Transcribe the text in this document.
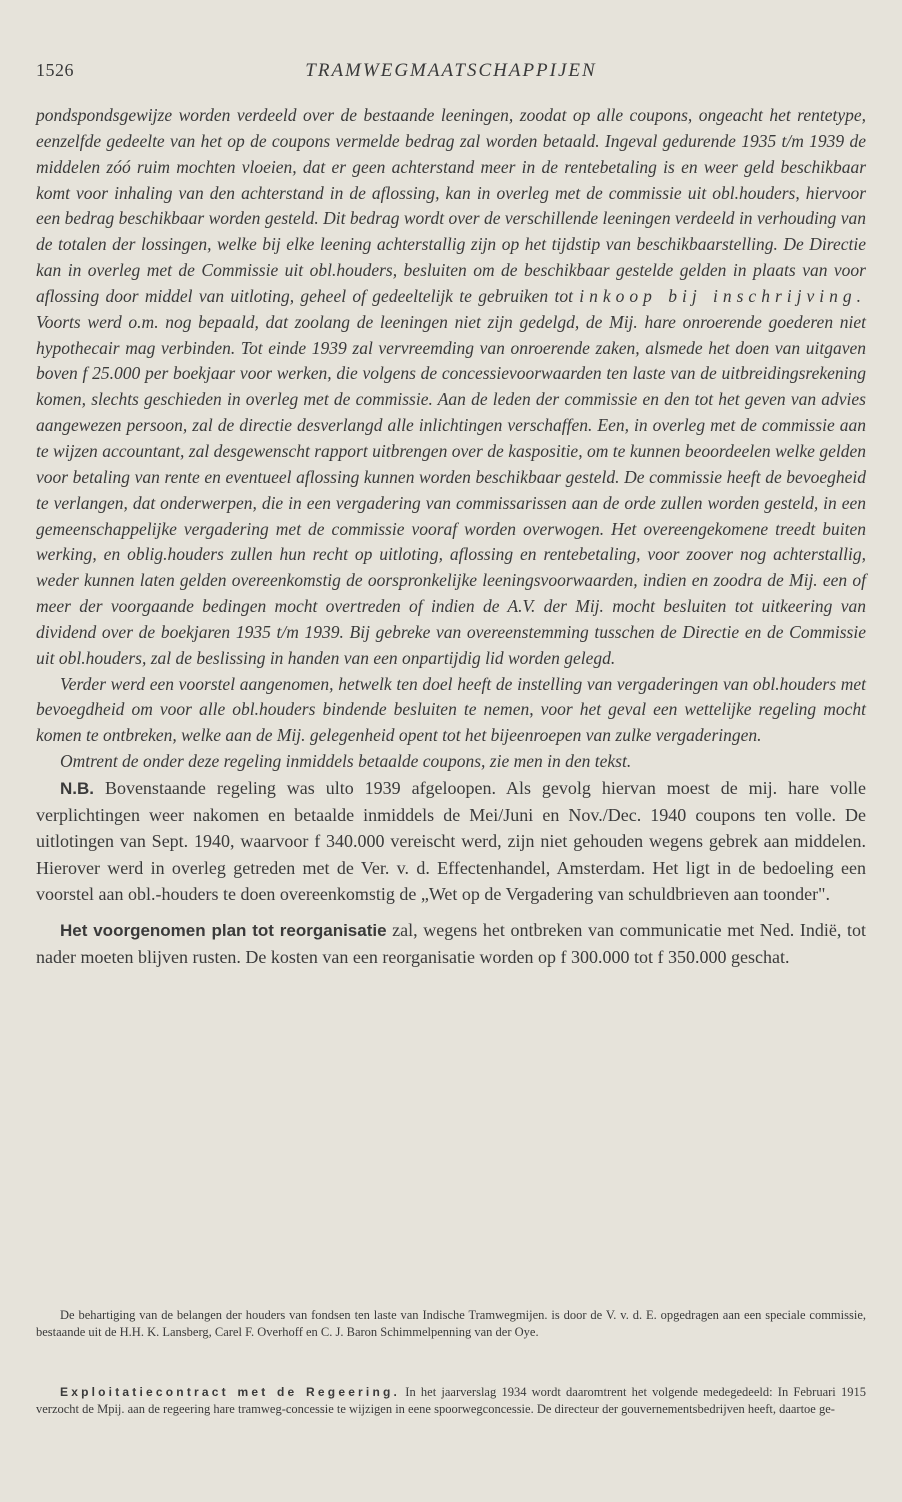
1526	TRAMWEGMAATSCHAPPIJEN

pondspondsgewijze worden verdeeld over de bestaande leeningen, zoodat op alle coupons, ongeacht het rentetype, eenzelfde gedeelte van het op de coupons vermelde bedrag zal worden betaald. Ingeval gedurende 1935 t/m 1939 de middelen zóó ruim mochten vloeien, dat er geen achterstand meer in de rentebetaling is en weer geld beschikbaar komt voor inhaling van den achterstand in de aflossing, kan in overleg met de commissie uit obl.houders, hiervoor een bedrag beschikbaar worden gesteld. Dit bedrag wordt over de verschillende leeningen verdeeld in verhouding van de totalen der lossingen, welke bij elke leening achterstallig zijn op het tijdstip van beschikbaarstelling. De Directie kan in overleg met de Commissie uit obl.houders, besluiten om de beschikbaar gestelde gelden in plaats van voor aflossing door middel van uitloting, geheel of gedeeltelijk te gebruiken tot inkoop bij inschrijving. Voorts werd o.m. nog bepaald, dat zoolang de leeningen niet zijn gedelgd, de Mij. hare onroerende goederen niet hypothecair mag verbinden. Tot einde 1939 zal vervreemding van onroerende zaken, alsmede het doen van uitgaven boven f 25.000 per boekjaar voor werken, die volgens de concessievoorwaarden ten laste van de uitbreidingsrekening komen, slechts geschieden in overleg met de commissie. Aan de leden der commissie en den tot het geven van advies aangewezen persoon, zal de directie desverlangd alle inlichtingen verschaffen. Een, in overleg met de commissie aan te wijzen accountant, zal desgewenscht rapport uitbrengen over de kaspositie, om te kunnen beoordeelen welke gelden voor betaling van rente en eventueel aflossing kunnen worden beschikbaar gesteld. De commissie heeft de bevoegheid te verlangen, dat onderwerpen, die in een vergadering van commissarissen aan de orde zullen worden gesteld, in een gemeenschappelijke vergadering met de commissie vooraf worden overwogen. Het overeengekomene treedt buiten werking, en oblig.houders zullen hun recht op uitloting, aflossing en rentebetaling, voor zoover nog achterstallig, weder kunnen laten gelden overeenkomstig de oorspronkelijke leeningsvoorwaarden, indien en zoodra de Mij. een of meer der voorgaande bedingen mocht overtreden of indien de A.V. der Mij. mocht besluiten tot uitkeering van dividend over de boekjaren 1935 t/m 1939. Bij gebreke van overeenstemming tusschen de Directie en de Commissie uit obl.houders, zal de beslissing in handen van een onpartijdig lid worden gelegd.

Verder werd een voorstel aangenomen, hetwelk ten doel heeft de instelling van vergaderingen van obl.houders met bevoegdheid om voor alle obl.houders bindende besluiten te nemen, voor het geval een wettelijke regeling mocht komen te ontbreken, welke aan de Mij. gelegenheid opent tot het bijeenroepen van zulke vergaderingen.

Omtrent de onder deze regeling inmiddels betaalde coupons, zie men in den tekst.

N.B. Bovenstaande regeling was ulto 1939 afgeloopen. Als gevolg hiervan moest de mij. hare volle verplichtingen weer nakomen en betaalde inmiddels de Mei/Juni en Nov./Dec. 1940 coupons ten volle. De uitlotingen van Sept. 1940, waarvoor f 340.000 vereischt werd, zijn niet gehouden wegens gebrek aan middelen. Hierover werd in overleg getreden met de Ver. v. d. Effectenhandel, Amsterdam. Het ligt in de bedoeling een voorstel aan obl.-houders te doen overeenkomstig de „Wet op de Vergadering van schuldbrieven aan toonder".

Het voorgenomen plan tot reorganisatie zal, wegens het ontbreken van communicatie met Ned. Indië, tot nader moeten blijven rusten. De kosten van een reorganisatie worden op f 300.000 tot f 350.000 geschat.

De behartiging van de belangen der houders van fondsen ten laste van Indische Tramwegmijen. is door de V. v. d. E. opgedragen aan een speciale commissie, bestaande uit de H.H. K. Lansberg, Carel F. Overhoff en C. J. Baron Schimmelpenning van der Oye.

Exploitatiecontract met de Regeering. In het jaarverslag 1934 wordt daaromtrent het volgende medegedeeld: In Februari 1915 verzocht de Mpij. aan de regeering hare tramweg-concessie te wijzigen in eene spoorwegconcessie. De directeur der gouvernementsbedrijven heeft, daartoe ge-
